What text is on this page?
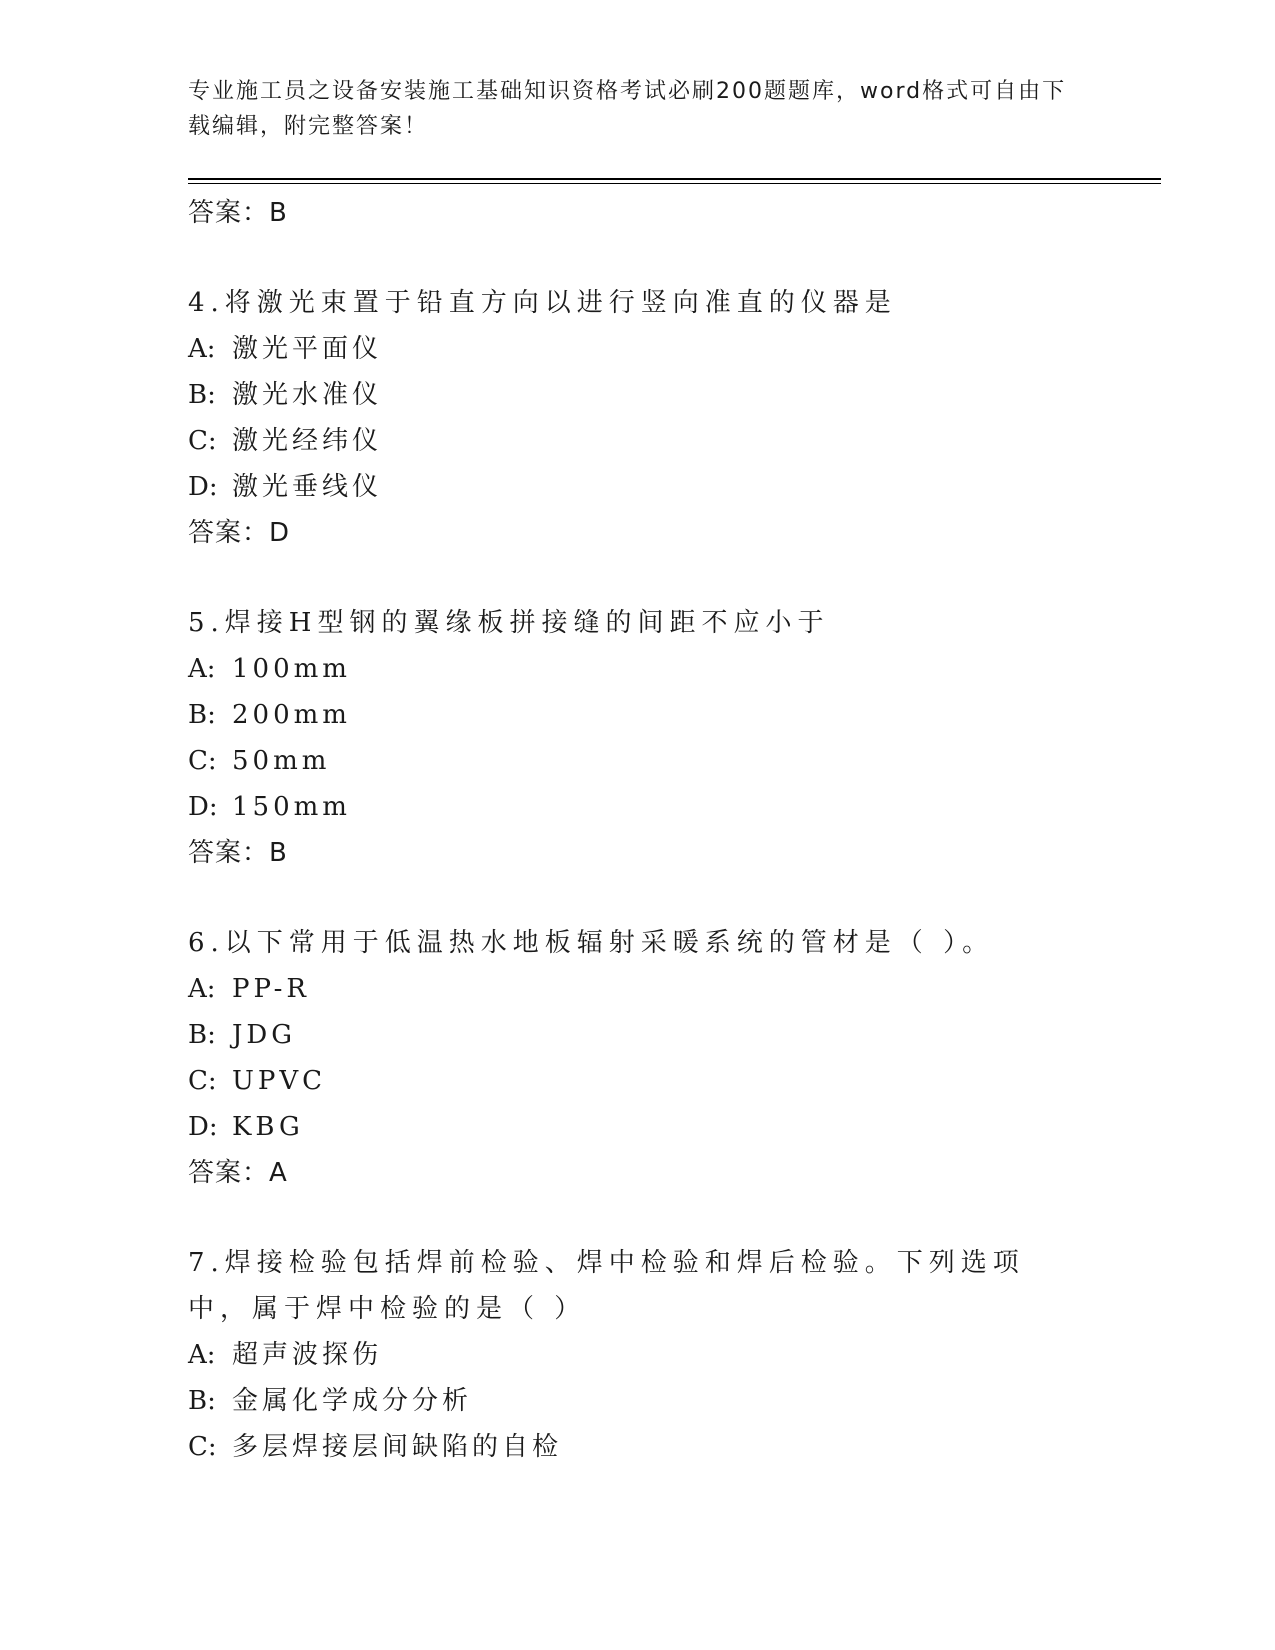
专业施工员之设备安装施工基础知识资格考试必刷200题题库，word格式可自由下载编辑，附完整答案！
答案：B
4.将激光束置于铅直方向以进行竖向准直的仪器是
A: 激光平面仪
B: 激光水准仪
C: 激光经纬仪
D: 激光垂线仪
答案：D
5.焊接H型钢的翼缘板拼接缝的间距不应小于
A: 100mm
B: 200mm
C: 50mm
D: 150mm
答案：B
6.以下常用于低温热水地板辐射采暖系统的管材是（ ）。
A: PP-R
B: JDG
C: UPVC
D: KBG
答案：A
7.焊接检验包括焊前检验、焊中检验和焊后检验。下列选项中，属于焊中检验的是（ ）
A: 超声波探伤
B: 金属化学成分分析
C: 多层焊接层间缺陷的自检
